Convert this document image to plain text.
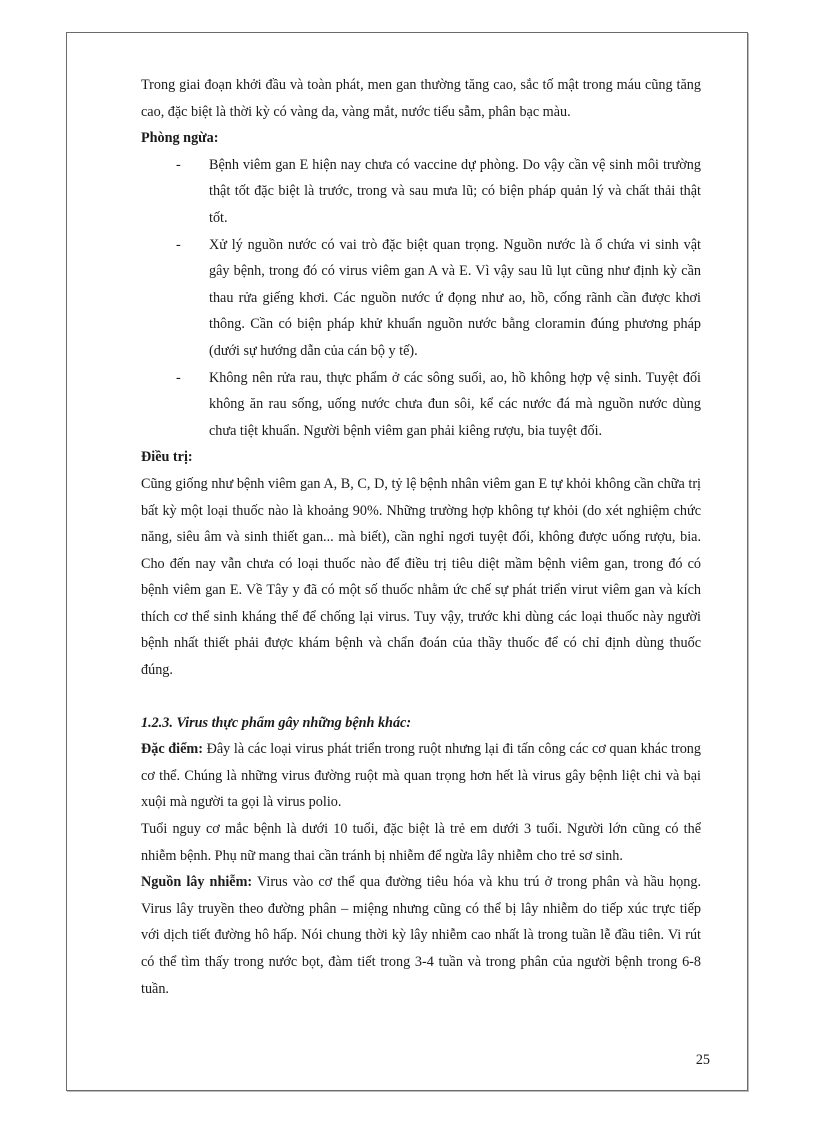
Trong giai đoạn khởi đầu và toàn phát, men gan thường tăng cao, sắc tố mật trong máu cũng tăng cao, đặc biệt là thời kỳ có vàng da, vàng mắt, nước tiểu sẫm, phân bạc màu.

Phòng ngừa:

- Bệnh viêm gan E hiện nay chưa có vaccine dự phòng. Do vậy cần vệ sinh môi trường thật tốt đặc biệt là trước, trong và sau mưa lũ; có biện pháp quản lý và chất thải thật tốt.
- Xử lý nguồn nước có vai trò đặc biệt quan trọng. Nguồn nước là ổ chứa vi sinh vật gây bệnh, trong đó có virus viêm gan A và E. Vì vậy sau lũ lụt cũng như định kỳ cần thau rửa giếng khơi. Các nguồn nước ứ đọng như ao, hồ, cống rãnh cần được khơi thông. Cần có biện pháp khử khuẩn nguồn nước bằng cloramin đúng phương pháp (dưới sự hướng dẫn của cán bộ y tế).
- Không nên rửa rau, thực phẩm ở các sông suối, ao, hồ không hợp vệ sinh. Tuyệt đối không ăn rau sống, uống nước chưa đun sôi, kể các nước đá mà nguồn nước dùng chưa tiệt khuẩn. Người bệnh viêm gan phải kiêng rượu, bia tuyệt đối.

Điều trị:

Cũng giống như bệnh viêm gan A, B, C, D, tỷ lệ bệnh nhân viêm gan E tự khỏi không cần chữa trị bất kỳ một loại thuốc nào là khoảng 90%. Những trường hợp không tự khỏi (do xét nghiệm chức năng, siêu âm và sinh thiết gan... mà biết), cần nghỉ ngơi tuyệt đối, không được uống rượu, bia. Cho đến nay vẫn chưa có loại thuốc nào để điều trị tiêu diệt mầm bệnh viêm gan, trong đó có bệnh viêm gan E. Về Tây y đã có một số thuốc nhằm ức chế sự phát triển virut viêm gan và kích thích cơ thể sinh kháng thể để chống lại virus. Tuy vậy, trước khi dùng các loại thuốc này người bệnh nhất thiết phải được khám bệnh và chẩn đoán của thầy thuốc để có chỉ định dùng thuốc đúng.

1.2.3. Virus thực phẩm gây những bệnh khác:

Đặc điểm: Đây là các loại virus phát triển trong ruột nhưng lại đi tấn công các cơ quan khác trong cơ thể. Chúng là những virus đường ruột mà quan trọng hơn hết là virus gây bệnh liệt chi và bại xuội mà người ta gọi là virus polio.

Tuổi nguy cơ mắc bệnh là dưới 10 tuổi, đặc biệt là trẻ em dưới 3 tuổi. Người lớn cũng có thể nhiễm bệnh. Phụ nữ mang thai cần tránh bị nhiễm để ngừa lây nhiễm cho trẻ sơ sinh.

Nguồn lây nhiễm: Virus vào cơ thể qua đường tiêu hóa và khu trú ở trong phân và hầu họng. Virus lây truyền theo đường phân – miệng nhưng cũng có thể bị lây nhiễm do tiếp xúc trực tiếp với dịch tiết đường hô hấp. Nói chung thời kỳ lây nhiễm cao nhất là trong tuần lễ đầu tiên. Vi rút có thể tìm thấy trong nước bọt, đàm tiết trong 3-4 tuần và trong phân của người bệnh trong 6-8 tuần.

25
